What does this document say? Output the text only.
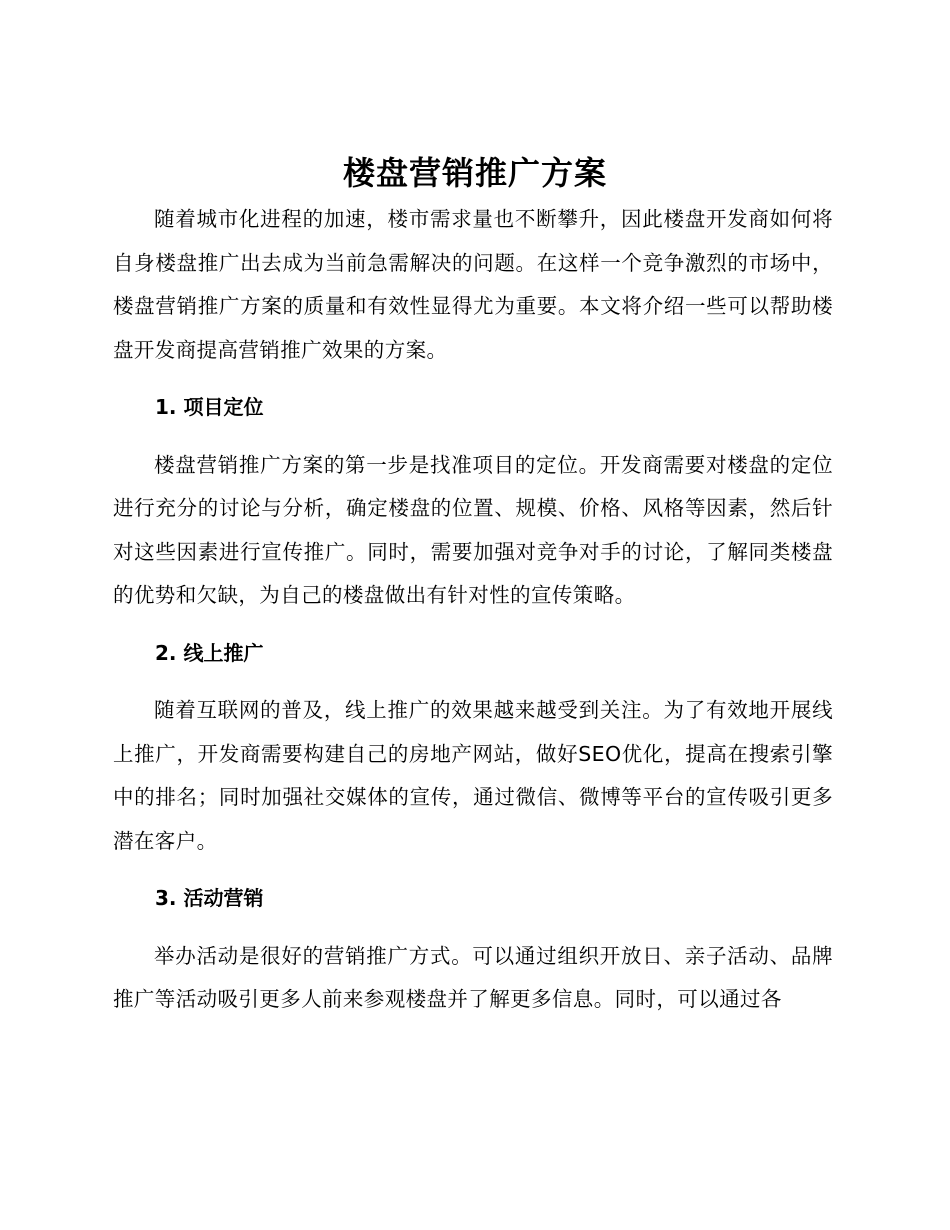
楼盘营销推广方案

随着城市化进程的加速，楼市需求量也不断攀升，因此楼盘开发商如何将自身楼盘推广出去成为当前急需解决的问题。在这样一个竞争激烈的市场中，楼盘营销推广方案的质量和有效性显得尤为重要。本文将介绍一些可以帮助楼盘开发商提高营销推广效果的方案。

1. 项目定位

楼盘营销推广方案的第一步是找准项目的定位。开发商需要对楼盘的定位进行充分的讨论与分析，确定楼盘的位置、规模、价格、风格等因素，然后针对这些因素进行宣传推广。同时，需要加强对竞争对手的讨论，了解同类楼盘的优势和欠缺，为自己的楼盘做出有针对性的宣传策略。

2. 线上推广

随着互联网的普及，线上推广的效果越来越受到关注。为了有效地开展线上推广，开发商需要构建自己的房地产网站，做好SEO优化，提高在搜索引擎中的排名；同时加强社交媒体的宣传，通过微信、微博等平台的宣传吸引更多潜在客户。

3. 活动营销

举办活动是很好的营销推广方式。可以通过组织开放日、亲子活动、品牌推广等活动吸引更多人前来参观楼盘并了解更多信息。同时，可以通过各
